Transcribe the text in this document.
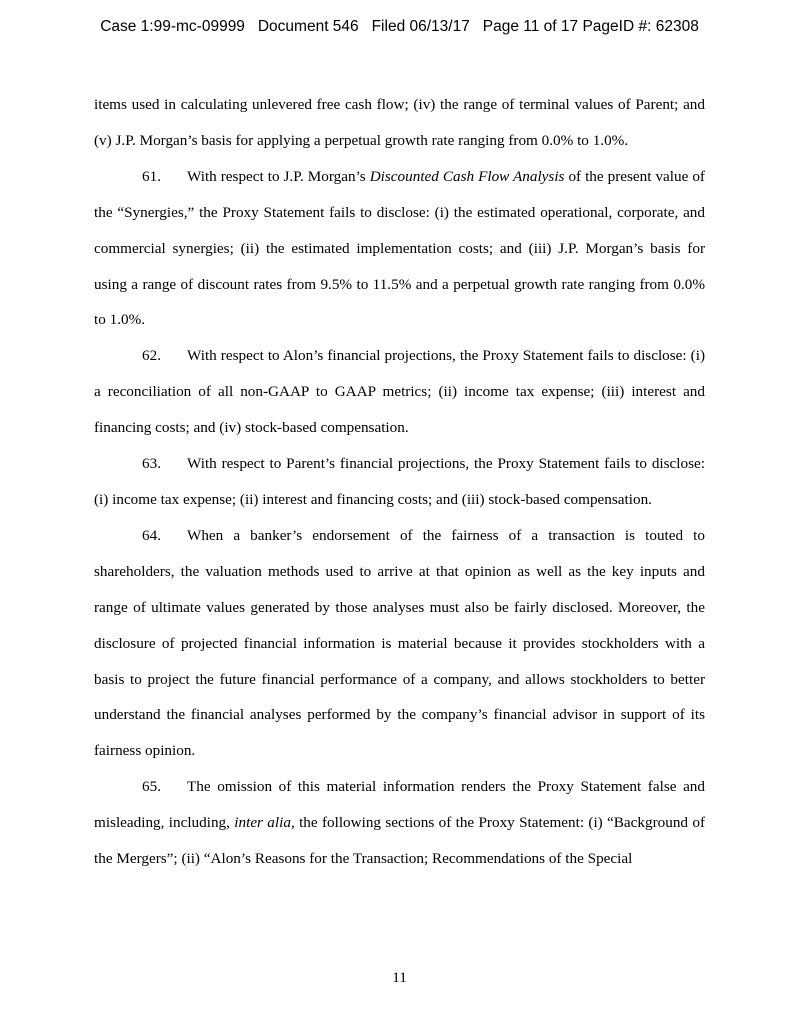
Case 1:99-mc-09999 Document 546 Filed 06/13/17 Page 11 of 17 PageID #: 62308

items used in calculating unlevered free cash flow; (iv) the range of terminal values of Parent; and (v) J.P. Morgan’s basis for applying a perpetual growth rate ranging from 0.0% to 1.0%.

61. With respect to J.P. Morgan’s Discounted Cash Flow Analysis of the present value of the “Synergies,” the Proxy Statement fails to disclose: (i) the estimated operational, corporate, and commercial synergies; (ii) the estimated implementation costs; and (iii) J.P. Morgan’s basis for using a range of discount rates from 9.5% to 11.5% and a perpetual growth rate ranging from 0.0% to 1.0%.

62. With respect to Alon’s financial projections, the Proxy Statement fails to disclose: (i) a reconciliation of all non-GAAP to GAAP metrics; (ii) income tax expense; (iii) interest and financing costs; and (iv) stock-based compensation.

63. With respect to Parent’s financial projections, the Proxy Statement fails to disclose: (i) income tax expense; (ii) interest and financing costs; and (iii) stock-based compensation.

64. When a banker’s endorsement of the fairness of a transaction is touted to shareholders, the valuation methods used to arrive at that opinion as well as the key inputs and range of ultimate values generated by those analyses must also be fairly disclosed. Moreover, the disclosure of projected financial information is material because it provides stockholders with a basis to project the future financial performance of a company, and allows stockholders to better understand the financial analyses performed by the company’s financial advisor in support of its fairness opinion.

65. The omission of this material information renders the Proxy Statement false and misleading, including, inter alia, the following sections of the Proxy Statement: (i) “Background of the Mergers”; (ii) “Alon’s Reasons for the Transaction; Recommendations of the Special

11
